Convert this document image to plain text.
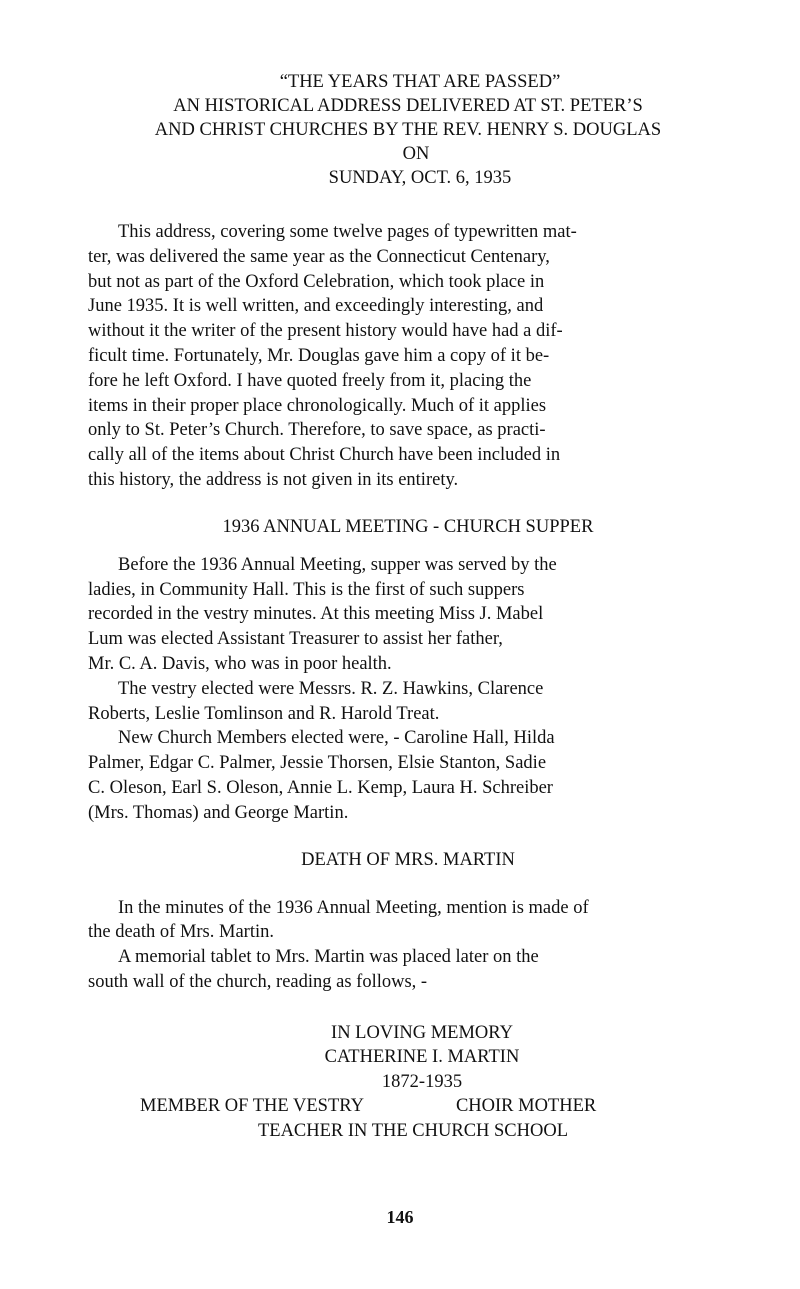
“THE YEARS THAT ARE PASSED”
AN HISTORICAL ADDRESS DELIVERED AT ST. PETER’S
AND CHRIST CHURCHES BY THE REV. HENRY S. DOUGLAS
ON
SUNDAY, OCT. 6, 1935
This address, covering some twelve pages of typewritten mat-
ter, was delivered the same year as the Connecticut Centenary,
but not as part of the Oxford Celebration, which took place in
June 1935. It is well written, and exceedingly interesting, and
without it the writer of the present history would have had a dif-
ficult time. Fortunately, Mr. Douglas gave him a copy of it be-
fore he left Oxford. I have quoted freely from it, placing the
items in their proper place chronologically. Much of it applies
only to St. Peter’s Church. Therefore, to save space, as practi-
cally all of the items about Christ Church have been included in
this history, the address is not given in its entirety.
1936 ANNUAL MEETING - CHURCH SUPPER
Before the 1936 Annual Meeting, supper was served by the
ladies, in Community Hall. This is the first of such suppers
recorded in the vestry minutes. At this meeting Miss J. Mabel
Lum was elected Assistant Treasurer to assist her father,
Mr. C. A. Davis, who was in poor health.
The vestry elected were Messrs. R. Z. Hawkins, Clarence
Roberts, Leslie Tomlinson and R. Harold Treat.
New Church Members elected were, - Caroline Hall, Hilda
Palmer, Edgar C. Palmer, Jessie Thorsen, Elsie Stanton, Sadie
C. Oleson, Earl S. Oleson, Annie L. Kemp, Laura H. Schreiber
(Mrs. Thomas) and George Martin.
DEATH OF MRS. MARTIN
In the minutes of the 1936 Annual Meeting, mention is made of
the death of Mrs. Martin.
A memorial tablet to Mrs. Martin was placed later on the
south wall of the church, reading as follows, -
IN LOVING MEMORY
CATHERINE I. MARTIN
1872-1935
MEMBER OF THE VESTRY	CHOIR MOTHER
TEACHER IN THE CHURCH SCHOOL
146
